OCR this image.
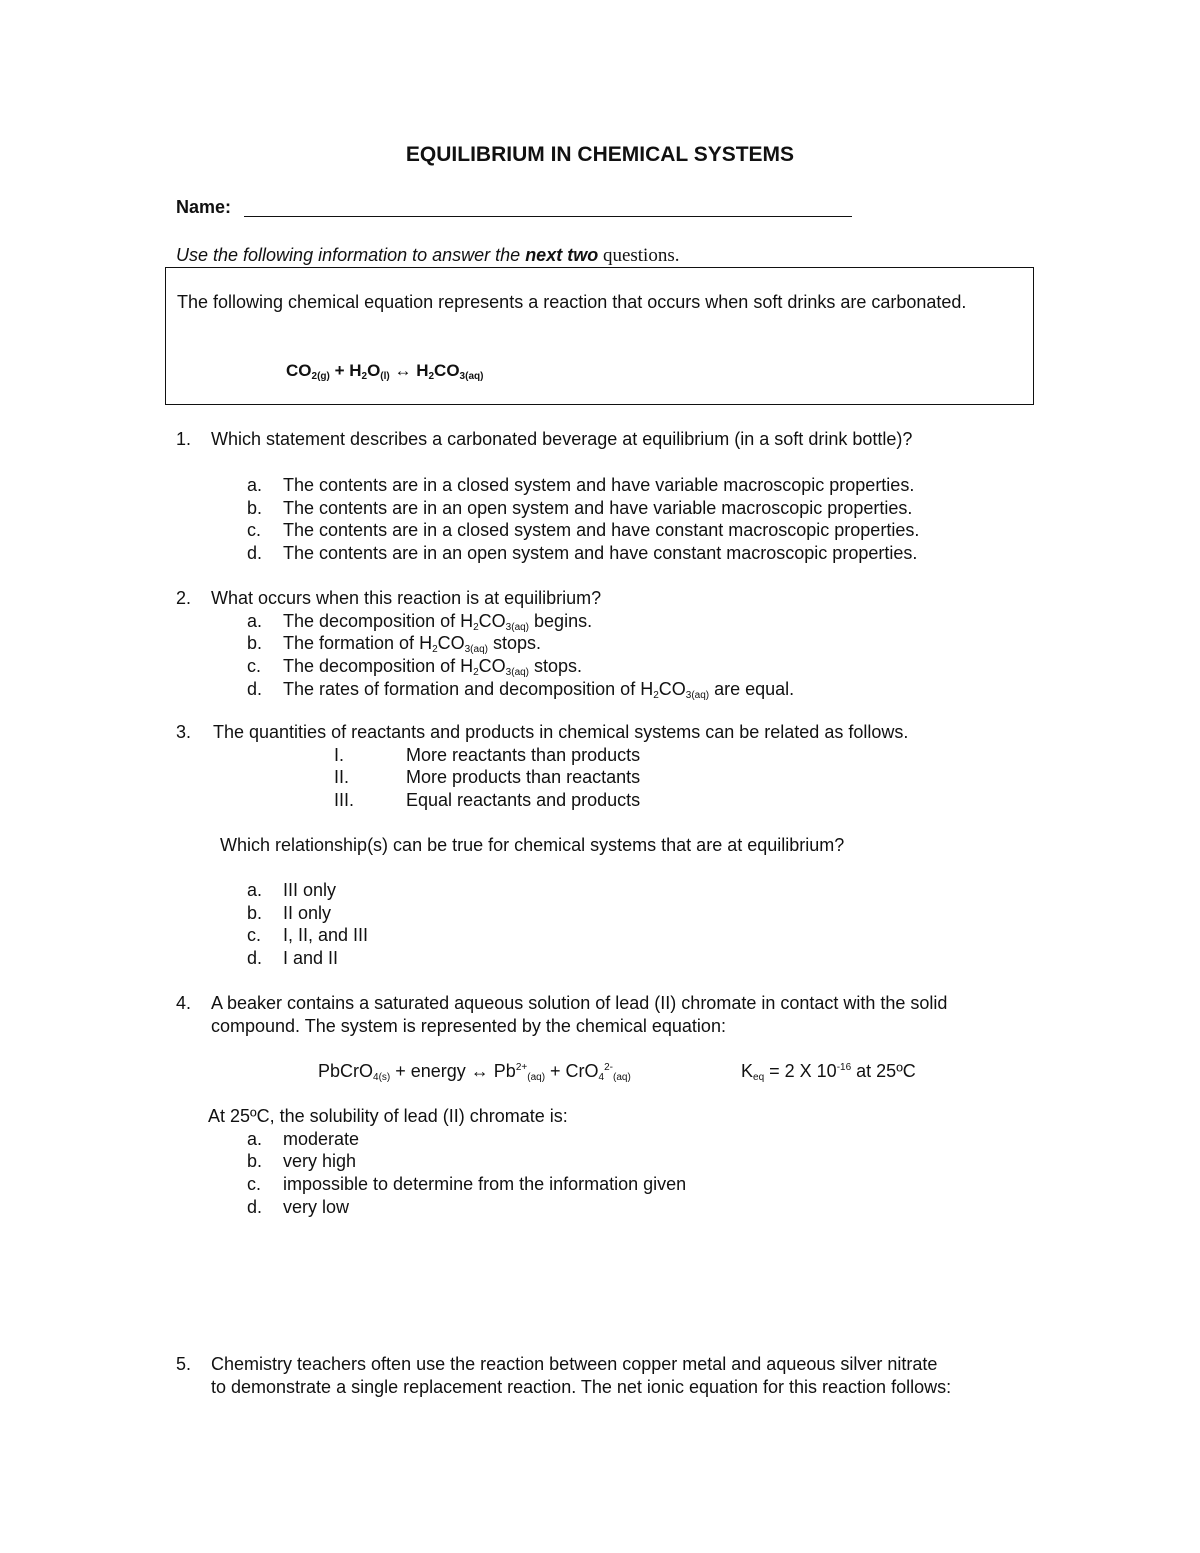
EQUILIBRIUM IN CHEMICAL SYSTEMS
Name:
Use the following information to answer the next two questions.
The following chemical equation represents a reaction that occurs when soft drinks are carbonated.
$CO_{2(g)} + H_2O_{(l)}$ ↔ $H_2CO_{3(aq)}$
1. Which statement describes a carbonated beverage at equilibrium (in a soft drink bottle)?
a. The contents are in a closed system and have variable macroscopic properties.
b. The contents are in an open system and have variable macroscopic properties.
c. The contents are in a closed system and have constant macroscopic properties.
d. The contents are in an open system and have constant macroscopic properties.
2. What occurs when this reaction is at equilibrium?
a. The decomposition of $H_2CO_{3(aq)}$ begins.
b. The formation of $H_2CO_{3(aq)}$ stops.
c. The decomposition of $H_2CO_{3(aq)}$ stops.
d. The rates of formation and decomposition of $H_2CO_{3(aq)}$ are equal.
3. The quantities of reactants and products in chemical systems can be related as follows.
I.	More reactants than products
II.	More products than reactants
III.	Equal reactants and products
Which relationship(s) can be true for chemical systems that are at equilibrium?
a. III only
b. II only
c. I, II, and III
d. I and II
4. A beaker contains a saturated aqueous solution of lead (II) chromate in contact with the solid
compound. The system is represented by the chemical equation:
PbCrO$_{4(s)}$ + energy ↔ $Pb^{2+}_{(aq)} + CrO_4^{2-}_{(aq)}$	$K_{eq} = 2$ X $10^{-16}$ at 25ºC
At 25ºC, the solubility of lead (II) chromate is:
a. moderate
b. very high
c. impossible to determine from the information given
d. very low
5. Chemistry teachers often use the reaction between copper metal and aqueous silver nitrate
to demonstrate a single replacement reaction. The net ionic equation for this reaction follows:
